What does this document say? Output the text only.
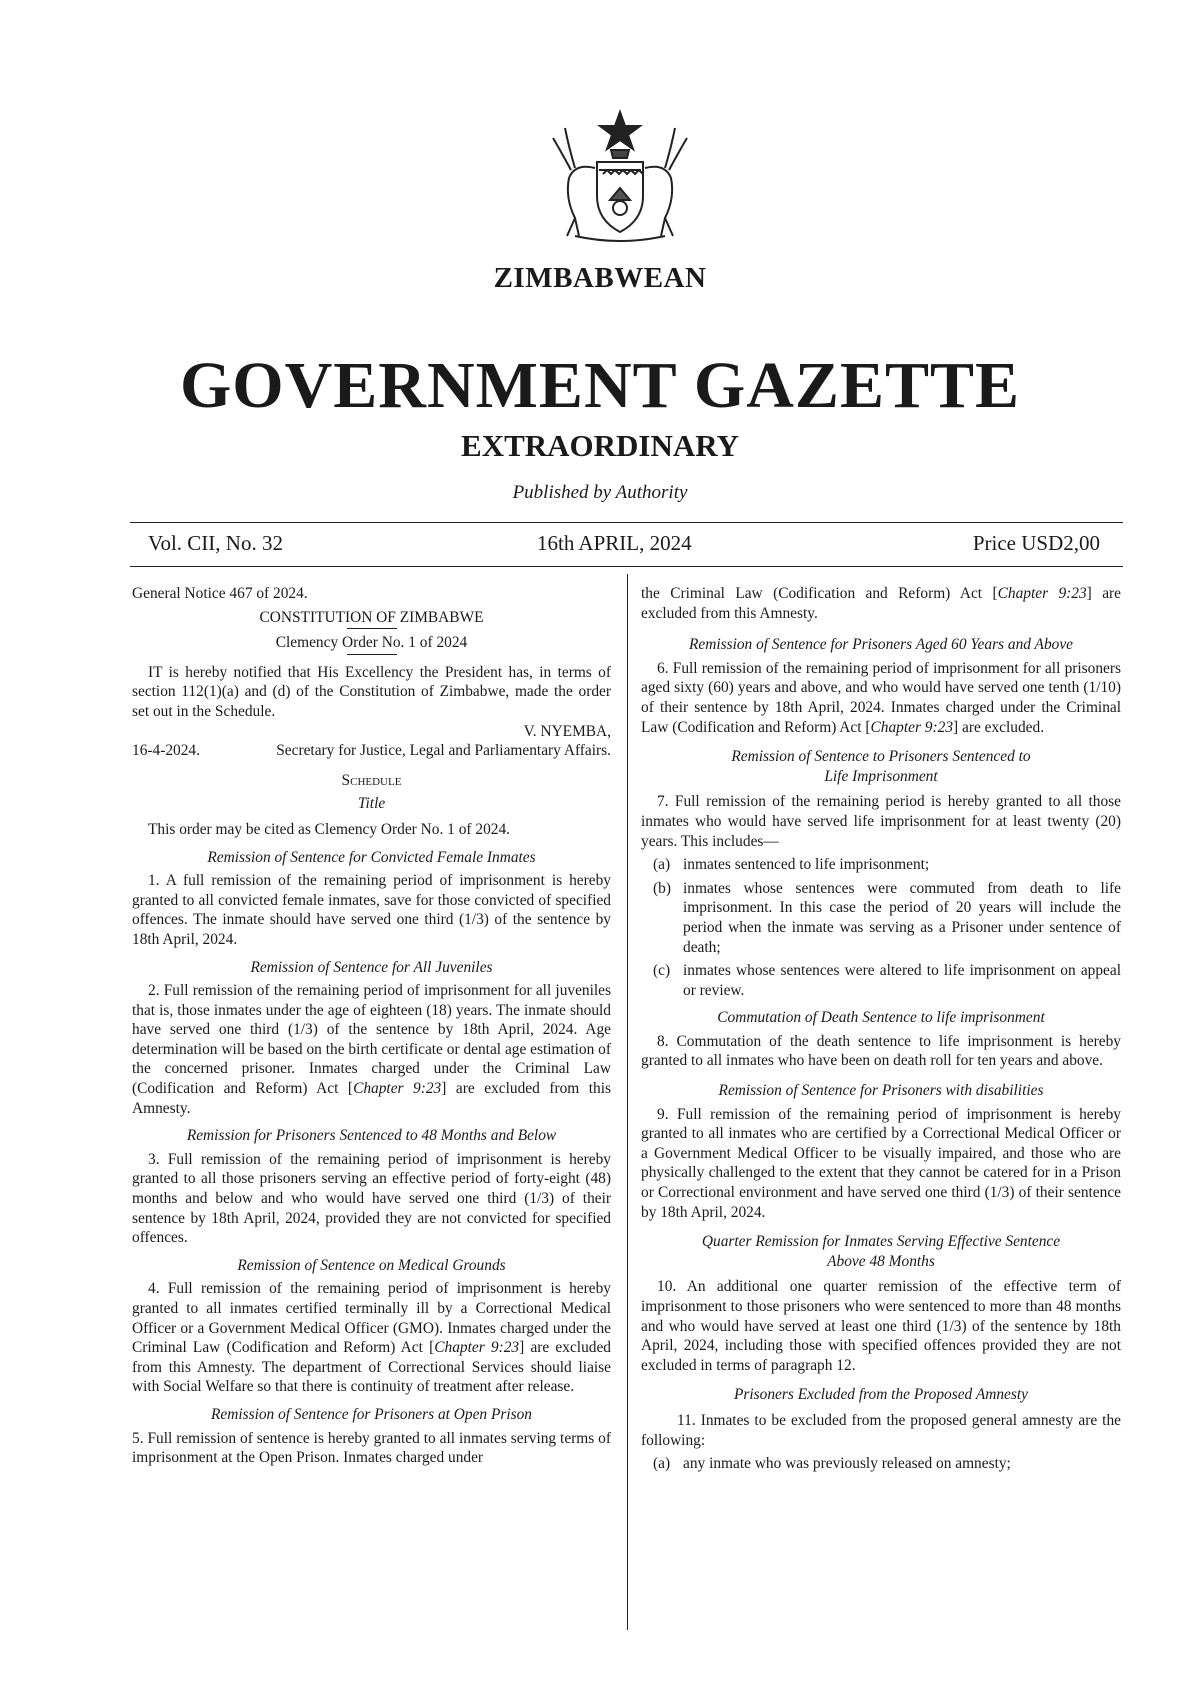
ZIMBABWEAN
GOVERNMENT GAZETTE
EXTRAORDINARY
Published by Authority
Vol. CII, No. 32	16th APRIL, 2024	Price USD2,00

General Notice 467 of 2024.

CONSTITUTION OF ZIMBABWE

Clemency Order No. 1 of 2024

IT is hereby notified that His Excellency the President has, in terms of section 112(1)(a) and (d) of the Constitution of Zimbabwe, made the order set out in the Schedule.

V. NYEMBA,

16-4-2024.	Secretary for Justice, Legal and Parliamentary Affairs.

Schedule

Title

This order may be cited as Clemency Order No. 1 of 2024.

Remission of Sentence for Convicted Female Inmates

1. A full remission of the remaining period of imprisonment is hereby granted to all convicted female inmates, save for those convicted of specified offences. The inmate should have served one third (1/3) of the sentence by 18th April, 2024.

Remission of Sentence for All Juveniles

2. Full remission of the remaining period of imprisonment for all juveniles that is, those inmates under the age of eighteen (18) years. The inmate should have served one third (1/3) of the sentence by 18th April, 2024. Age determination will be based on the birth certificate or dental age estimation of the concerned prisoner. Inmates charged under the Criminal Law (Codification and Reform) Act [Chapter 9:23] are excluded from this Amnesty.

Remission for Prisoners Sentenced to 48 Months and Below

3. Full remission of the remaining period of imprisonment is hereby granted to all those prisoners serving an effective period of forty-eight (48) months and below and who would have served one third (1/3) of their sentence by 18th April, 2024, provided they are not convicted for specified offences.

Remission of Sentence on Medical Grounds

4. Full remission of the remaining period of imprisonment is hereby granted to all inmates certified terminally ill by a Correctional Medical Officer or a Government Medical Officer (GMO). Inmates charged under the Criminal Law (Codification and Reform) Act [Chapter 9:23] are excluded from this Amnesty. The department of Correctional Services should liaise with Social Welfare so that there is continuity of treatment after release.

Remission of Sentence for Prisoners at Open Prison

5. Full remission of sentence is hereby granted to all inmates serving terms of imprisonment at the Open Prison. Inmates charged under

the Criminal Law (Codification and Reform) Act [Chapter 9:23] are excluded from this Amnesty.

Remission of Sentence for Prisoners Aged 60 Years and Above

6. Full remission of the remaining period of imprisonment for all prisoners aged sixty (60) years and above, and who would have served one tenth (1/10) of their sentence by 18th April, 2024. Inmates charged under the Criminal Law (Codification and Reform) Act [Chapter 9:23] are excluded.

Remission of Sentence to Prisoners Sentenced to

Life Imprisonment

7. Full remission of the remaining period is hereby granted to all those inmates who would have served life imprisonment for at least twenty (20) years. This includes—

(a) inmates sentenced to life imprisonment;
(b) inmates whose sentences were commuted from death to life imprisonment. In this case the period of 20 years will include the period when the inmate was serving as a Prisoner under sentence of death;
(c) inmates whose sentences were altered to life imprisonment on appeal or review.

Commutation of Death Sentence to life imprisonment

8. Commutation of the death sentence to life imprisonment is hereby granted to all inmates who have been on death roll for ten years and above.

Remission of Sentence for Prisoners with disabilities

9. Full remission of the remaining period of imprisonment is hereby granted to all inmates who are certified by a Correctional Medical Officer or a Government Medical Officer to be visually impaired, and those who are physically challenged to the extent that they cannot be catered for in a Prison or Correctional environment and have served one third (1/3) of their sentence by 18th April, 2024.

Quarter Remission for Inmates Serving Effective Sentence

Above 48 Months

10. An additional one quarter remission of the effective term of imprisonment to those prisoners who were sentenced to more than 48 months and who would have served at least one third (1/3) of the sentence by 18th April, 2024, including those with specified offences provided they are not excluded in terms of paragraph 12.

Prisoners Excluded from the Proposed Amnesty

11. Inmates to be excluded from the proposed general amnesty are the following:

(a) any inmate who was previously released on amnesty;
